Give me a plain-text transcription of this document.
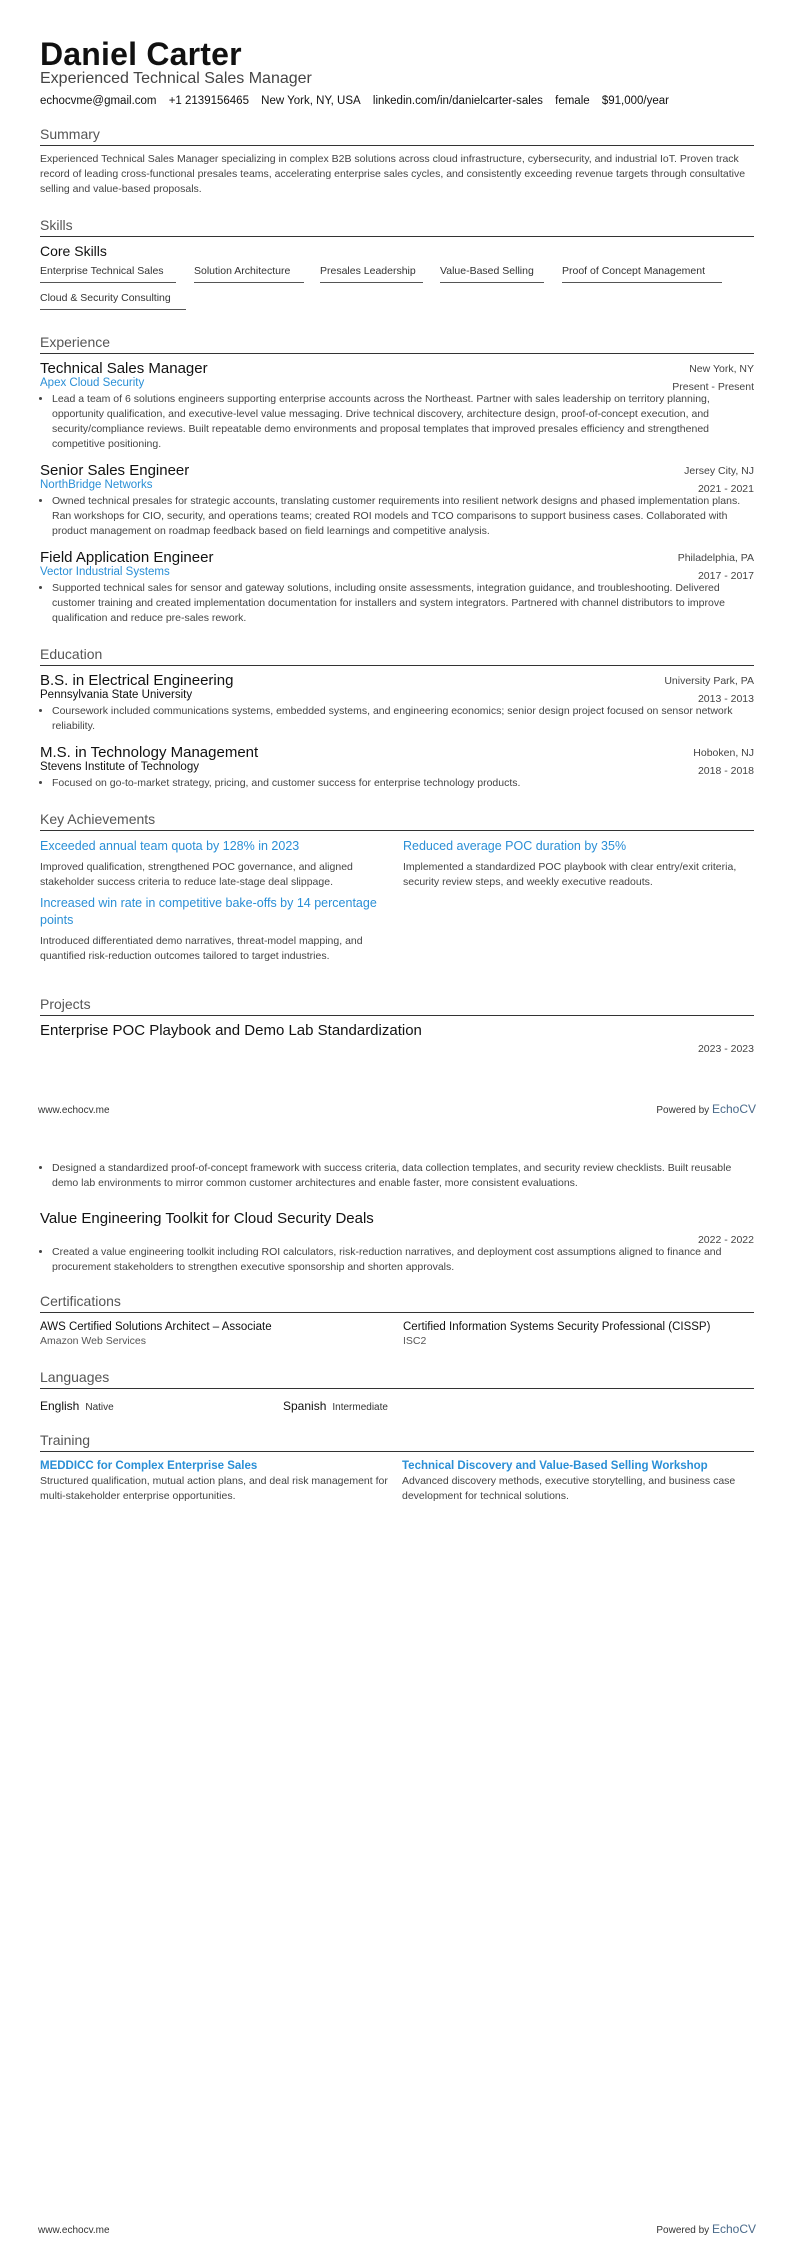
Daniel Carter
Experienced Technical Sales Manager
echocvme@gmail.com +1 2139156465 New York, NY, USA linkedin.com/in/danielcarter-sales female $91,000/year
Summary
Experienced Technical Sales Manager specializing in complex B2B solutions across cloud infrastructure, cybersecurity, and industrial IoT. Proven track record of leading cross-functional presales teams, accelerating enterprise sales cycles, and consistently exceeding revenue targets through consultative selling and value-based proposals.
Skills
Core Skills
Enterprise Technical Sales	Solution Architecture	Presales Leadership	Value-Based Selling	Proof of Concept Management
Cloud & Security Consulting
Experience
Technical Sales Manager	New York, NY
Apex Cloud Security	Present - Present
• Lead a team of 6 solutions engineers supporting enterprise accounts across the Northeast. Partner with sales leadership on territory planning, opportunity qualification, and executive-level value messaging. Drive technical discovery, architecture design, proof-of-concept execution, and security/compliance reviews. Built repeatable demo environments and proposal templates that improved presales efficiency and strengthened competitive positioning.
Senior Sales Engineer	Jersey City, NJ
NorthBridge Networks	2021 - 2021
• Owned technical presales for strategic accounts, translating customer requirements into resilient network designs and phased implementation plans. Ran workshops for CIO, security, and operations teams; created ROI models and TCO comparisons to support business cases. Collaborated with product management on roadmap feedback based on field learnings and competitive analysis.
Field Application Engineer	Philadelphia, PA
Vector Industrial Systems	2017 - 2017
• Supported technical sales for sensor and gateway solutions, including onsite assessments, integration guidance, and troubleshooting. Delivered customer training and created implementation documentation for installers and system integrators. Partnered with channel distributors to improve qualification and reduce pre-sales rework.
Education
B.S. in Electrical Engineering	University Park, PA
Pennsylvania State University	2013 - 2013
• Coursework included communications systems, embedded systems, and engineering economics; senior design project focused on sensor network reliability.
M.S. in Technology Management	Hoboken, NJ
Stevens Institute of Technology	2018 - 2018
• Focused on go-to-market strategy, pricing, and customer success for enterprise technology products.
Key Achievements
Exceeded annual team quota by 128% in 2023
Improved qualification, strengthened POC governance, and aligned stakeholder success criteria to reduce late-stage deal slippage.
Reduced average POC duration by 35%
Implemented a standardized POC playbook with clear entry/exit criteria, security review steps, and weekly executive readouts.
Increased win rate in competitive bake-offs by 14 percentage points
Introduced differentiated demo narratives, threat-model mapping, and quantified risk-reduction outcomes tailored to target industries.
Projects
Enterprise POC Playbook and Demo Lab Standardization
2023 - 2023
www.echocv.me	Powered by EchoCV
• Designed a standardized proof-of-concept framework with success criteria, data collection templates, and security review checklists. Built reusable demo lab environments to mirror common customer architectures and enable faster, more consistent evaluations.
Value Engineering Toolkit for Cloud Security Deals
2022 - 2022
• Created a value engineering toolkit including ROI calculators, risk-reduction narratives, and deployment cost assumptions aligned to finance and procurement stakeholders to strengthen executive sponsorship and shorten approvals.
Certifications
AWS Certified Solutions Architect – Associate
Amazon Web Services
Certified Information Systems Security Professional (CISSP)
ISC2
Languages
English Native	Spanish Intermediate
Training
MEDDICC for Complex Enterprise Sales
Structured qualification, mutual action plans, and deal risk management for multi-stakeholder enterprise opportunities.
Technical Discovery and Value-Based Selling Workshop
Advanced discovery methods, executive storytelling, and business case development for technical solutions.
www.echocv.me	Powered by EchoCV
